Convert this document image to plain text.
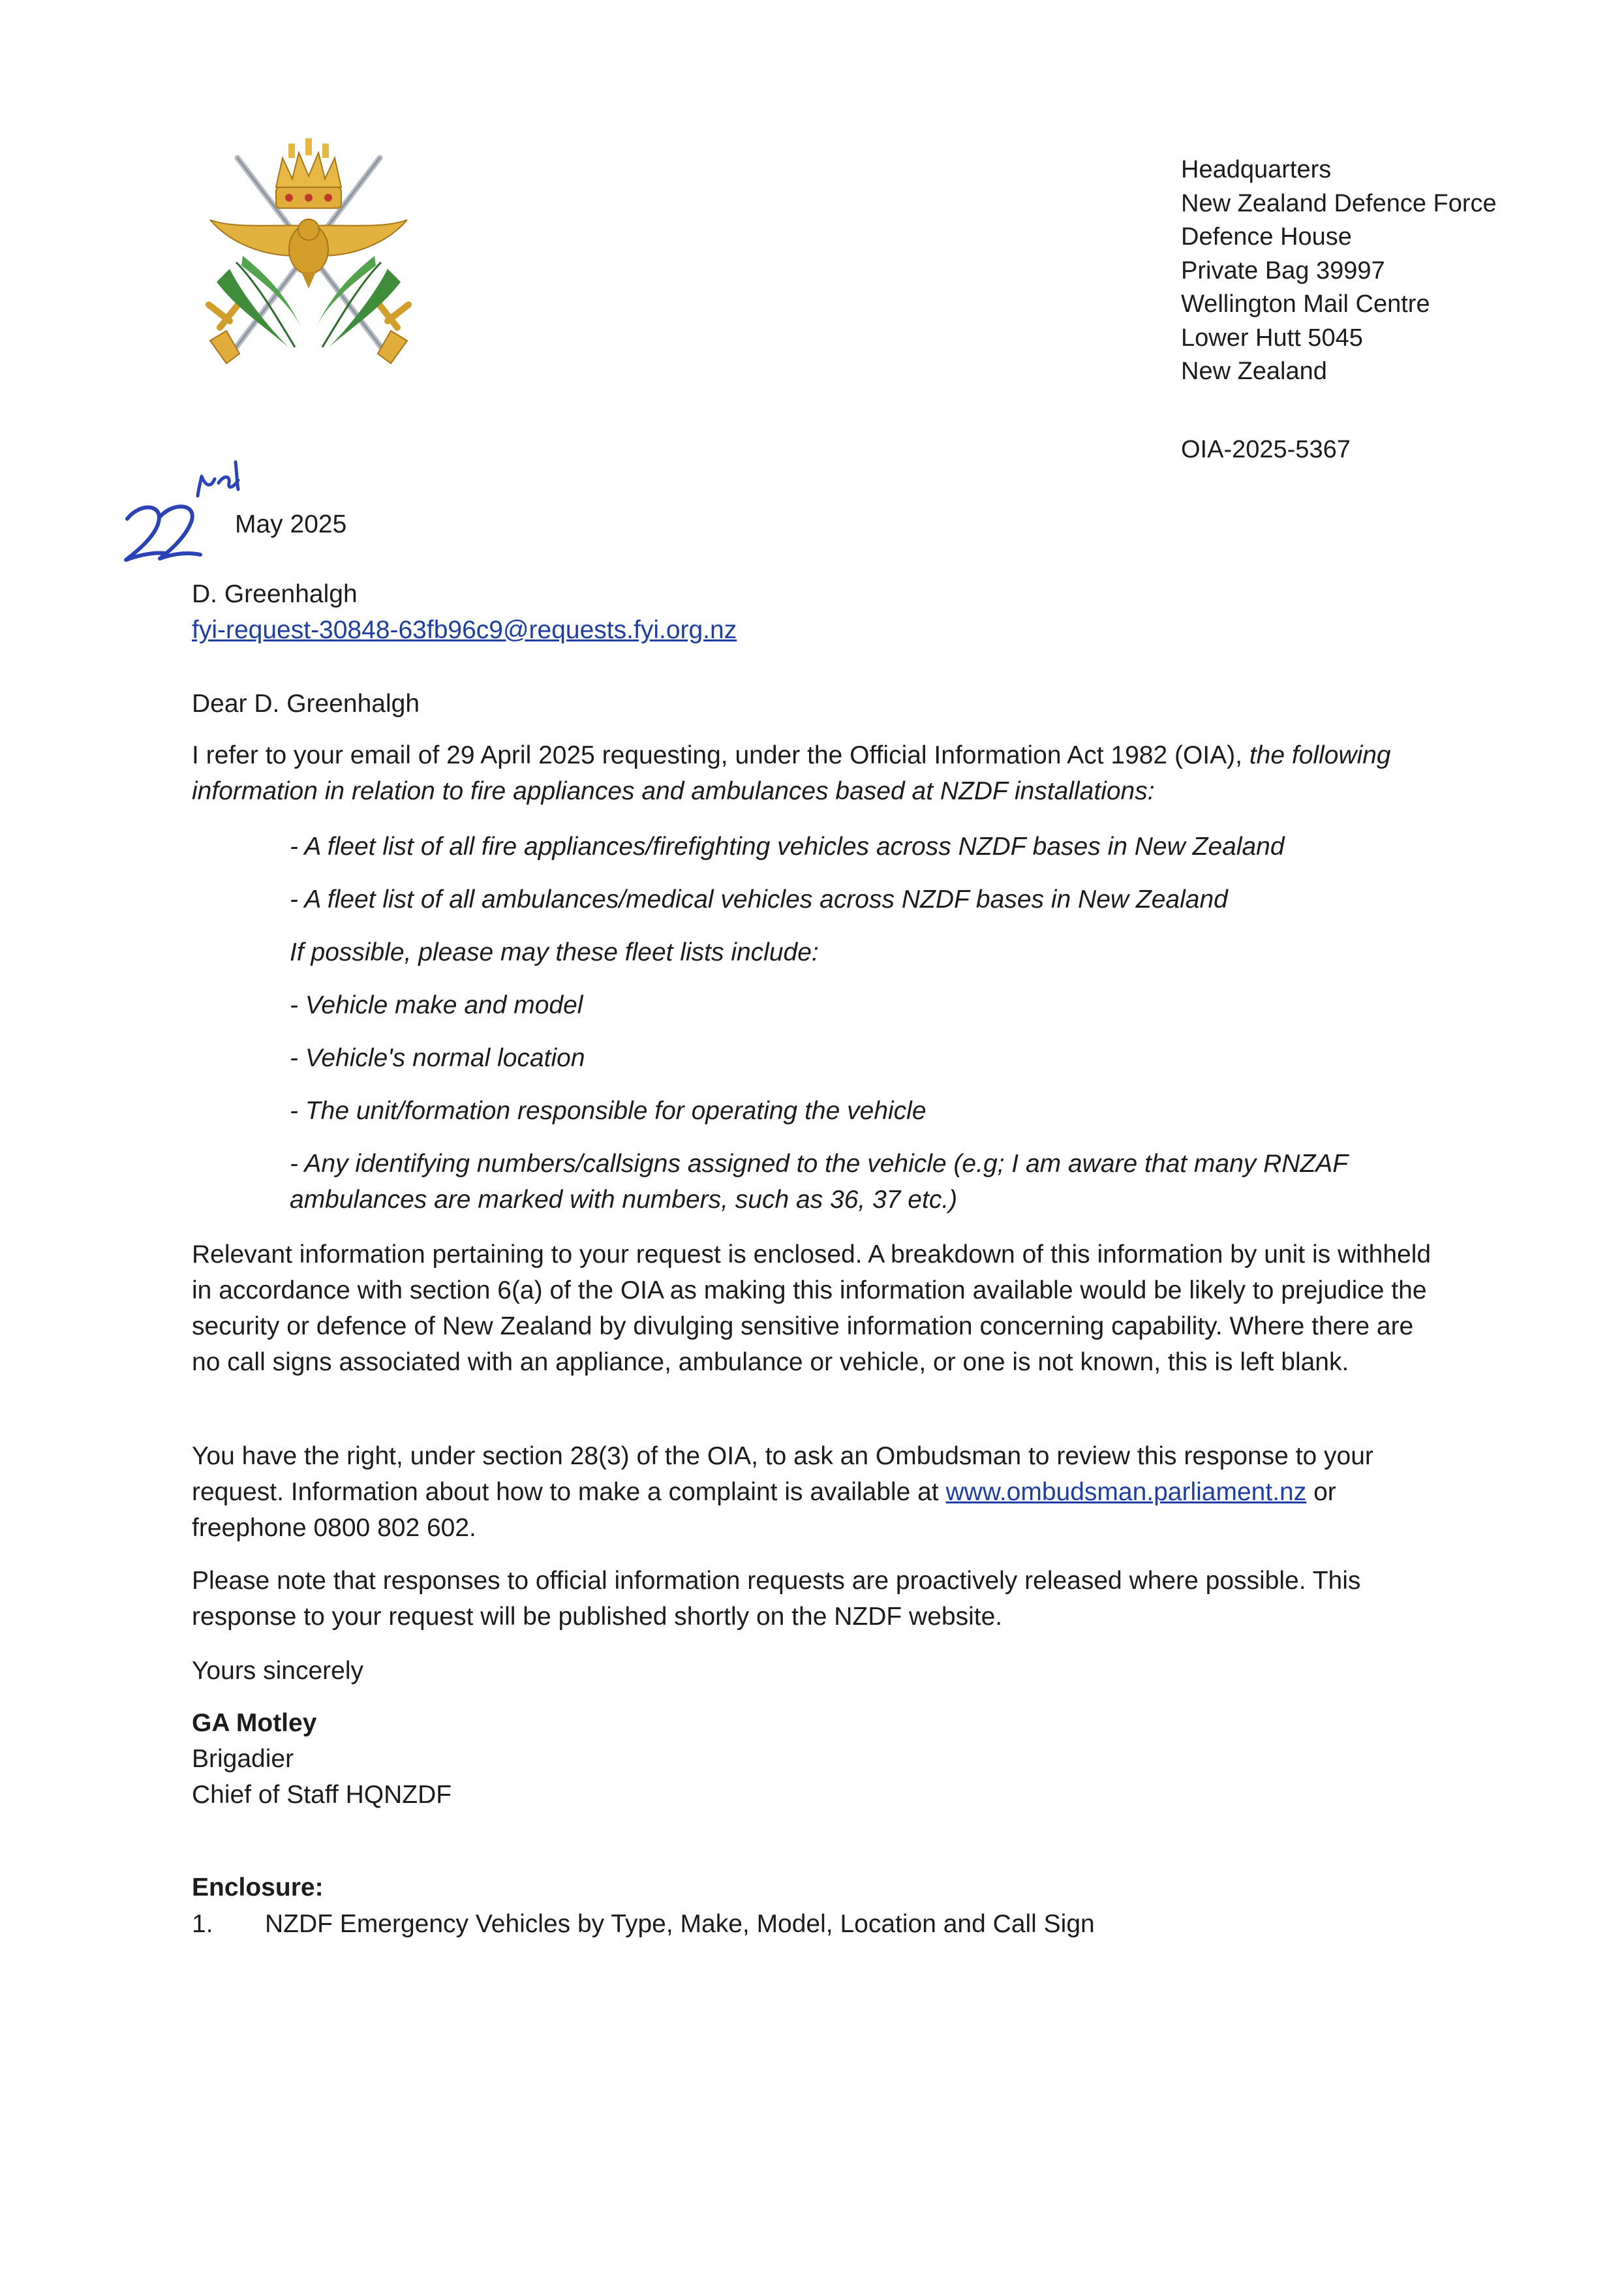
Headquarters
New Zealand Defence Force
Defence House
Private Bag 39997
Wellington Mail Centre
Lower Hutt 5045
New Zealand
OIA-2025-5367
May 2025
D. Greenhalgh
fyi-request-30848-63fb96c9@requests.fyi.org.nz
Dear D. Greenhalgh

I refer to your email of 29 April 2025 requesting, under the Official Information Act 1982 (OIA), the following information in relation to fire appliances and ambulances based at NZDF installations:

- A fleet list of all fire appliances/firefighting vehicles across NZDF bases in New Zealand

- A fleet list of all ambulances/medical vehicles across NZDF bases in New Zealand

If possible, please may these fleet lists include:

- Vehicle make and model

- Vehicle's normal location

- The unit/formation responsible for operating the vehicle

- Any identifying numbers/callsigns assigned to the vehicle (e.g; I am aware that many RNZAF ambulances are marked with numbers, such as 36, 37 etc.)

Relevant information pertaining to your request is enclosed. A breakdown of this information by unit is withheld in accordance with section 6(a) of the OIA as making this information available would be likely to prejudice the security or defence of New Zealand by divulging sensitive information concerning capability. Where there are no call signs associated with an appliance, ambulance or vehicle, or one is not known, this is left blank.

You have the right, under section 28(3) of the OIA, to ask an Ombudsman to review this response to your request. Information about how to make a complaint is available at www.ombudsman.parliament.nz or freephone 0800 802 602.

Please note that responses to official information requests are proactively released where possible. This response to your request will be published shortly on the NZDF website.

Yours sincerely
GA Motley
Brigadier
Chief of Staff HQNZDF
Enclosure:
1. NZDF Emergency Vehicles by Type, Make, Model, Location and Call Sign
